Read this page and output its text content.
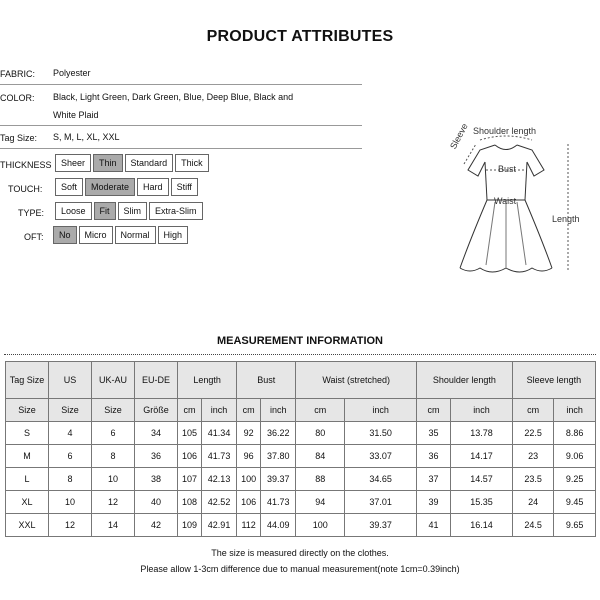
PRODUCT ATTRIBUTES
FABRIC: Polyester
COLOR: Black, Light Green, Dark Green, Blue, Deep Blue, Black and
White Plaid
Tag Size: S, M, L, XL, XXL
THICKNESS	Sheer	Thin	Standard	Thick
TOUCH:	Soft	Moderate	Hard	Stiff
TYPE:	Loose	Fit	Slim	Extra-Slim
OFT:	No	Micro	Normal	High
Shoulder length
Sleeve
Bust
Waist
Length
MEASUREMENT INFORMATION
Tag Size	US	UK-AU	EU-DE	Length		Bust		Waist (stretched)		Shoulder length		Sleeve length	
Size	Size	Size	Größe	cm	inch	cm	inch	cm	inch	cm	inch	cm	inch
S	4	6	34	105	41.34	92	36.22	80	31.50	35	13.78	22.5	8.86
M	6	8	36	106	41.73	96	37.80	84	33.07	36	14.17	23	9.06
L	8	10	38	107	42.13	100	39.37	88	34.65	37	14.57	23.5	9.25
XL	10	12	40	108	42.52	106	41.73	94	37.01	39	15.35	24	9.45
XXL	12	14	42	109	42.91	112	44.09	100	39.37	41	16.14	24.5	9.65
The size is measured directly on the clothes.
Please allow 1-3cm difference due to manual measurement(note 1cm=0.39inch)
